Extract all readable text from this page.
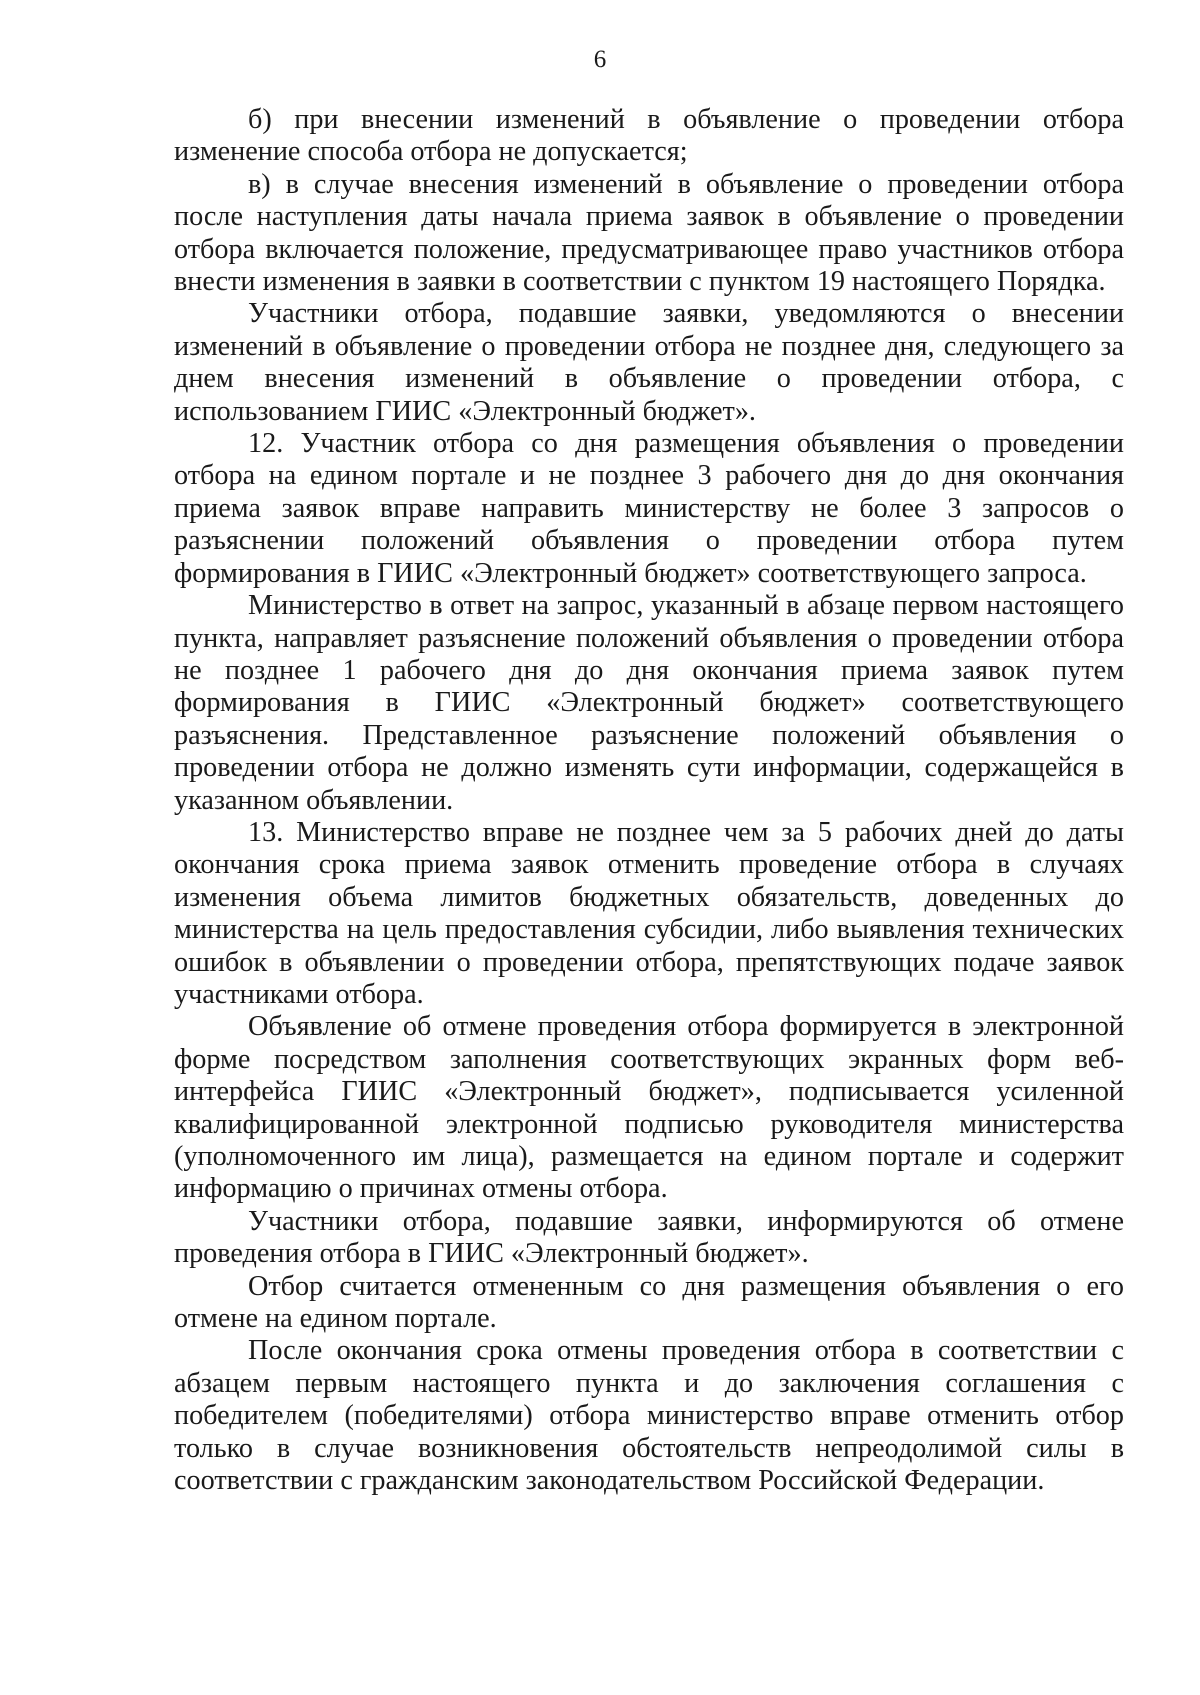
6

б) при внесении изменений в объявление о проведении отбора изменение способа отбора не допускается;

в) в случае внесения изменений в объявление о проведении отбора после наступления даты начала приема заявок в объявление о проведении отбора включается положение, предусматривающее право участников отбора внести изменения в заявки в соответствии с пунктом 19 настоящего Порядка.

Участники отбора, подавшие заявки, уведомляются о внесении изменений в объявление о проведении отбора не позднее дня, следующего за днем внесения изменений в объявление о проведении отбора, с использованием ГИИС «Электронный бюджет».

12. Участник отбора со дня размещения объявления о проведении отбора на едином портале и не позднее 3 рабочего дня до дня окончания приема заявок вправе направить министерству не более 3 запросов о разъяснении положений объявления о проведении отбора путем формирования в ГИИС «Электронный бюджет» соответствующего запроса.

Министерство в ответ на запрос, указанный в абзаце первом настоящего пункта, направляет разъяснение положений объявления о проведении отбора не позднее 1 рабочего дня до дня окончания приема заявок путем формирования в ГИИС «Электронный бюджет» соответствующего разъяснения. Представленное разъяснение положений объявления о проведении отбора не должно изменять сути информации, содержащейся в указанном объявлении.

13. Министерство вправе не позднее чем за 5 рабочих дней до даты окончания срока приема заявок отменить проведение отбора в случаях изменения объема лимитов бюджетных обязательств, доведенных до министерства на цель предоставления субсидии, либо выявления технических ошибок в объявлении о проведении отбора, препятствующих подаче заявок участниками отбора.

Объявление об отмене проведения отбора формируется в электронной форме посредством заполнения соответствующих экранных форм веб-интерфейса ГИИС «Электронный бюджет», подписывается усиленной квалифицированной электронной подписью руководителя министерства (уполномоченного им лица), размещается на едином портале и содержит информацию о причинах отмены отбора.

Участники отбора, подавшие заявки, информируются об отмене проведения отбора в ГИИС «Электронный бюджет».

Отбор считается отмененным со дня размещения объявления о его отмене на едином портале.

После окончания срока отмены проведения отбора в соответствии с абзацем первым настоящего пункта и до заключения соглашения с победителем (победителями) отбора министерство вправе отменить отбор только в случае возникновения обстоятельств непреодолимой силы в соответствии с гражданским законодательством Российской Федерации.
